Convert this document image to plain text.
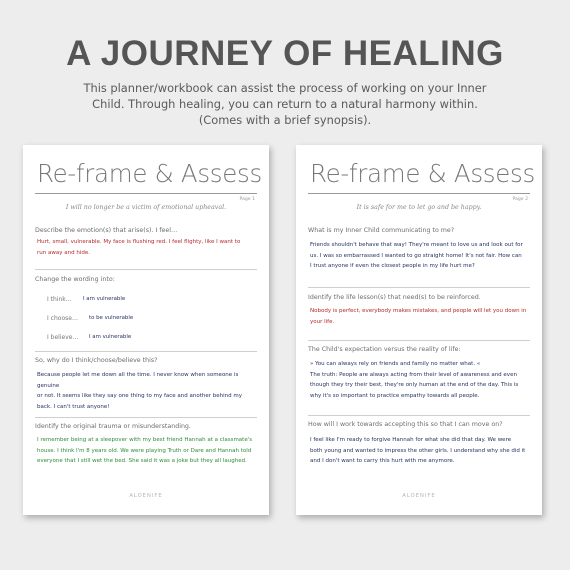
A JOURNEY OF HEALING
This planner/workbook can assist the process of working on your Inner
Child. Through healing, you can return to a natural harmony within.
(Comes with a brief synopsis).
Re-frame & Assess
Page 1
I will no longer be a victim of emotional upheaval.
Describe the emotion(s) that arise(s). I feel…
Hurt, small, vulnerable. My face is flushing red. I feel flighty, like I want to
run away and hide.
Change the wording into:
I think… I am vulnerable
I choose… to be vulnerable
I believe… I am vulnerable
So, why do I think/choose/believe this?
Because people let me down all the time. I never know when someone is genuine
or not. It seems like they say one thing to my face and another behind my
back. I can't trust anyone!
Identify the original trauma or misunderstanding.
I remember being at a sleepover with my best friend Hannah at a classmate's
house. I think I'm 8 years old. We were playing Truth or Dare and Hannah told
everyone that I still wet the bed. She said it was a joke but they all laughed.
ALOENIFE
Re-frame & Assess
Page 2
It is safe for me to let go and be happy.
What is my Inner Child communicating to me?
Friends shouldn't behave that way! They're meant to love us and look out for
us. I was so embarrassed I wanted to go straight home! It's not fair. How can
I trust anyone if even the closest people in my life hurt me?
Identify the life lesson(s) that need(s) to be reinforced.
Nobody is perfect, everybody makes mistakes, and people will let you down in
your life.
The Child's expectation versus the reality of life:
» You can always rely on friends and family no matter what. «
The truth: People are always acting from their level of awareness and even
though they try their best, they're only human at the end of the day. This is
why it's so important to practice empathy towards all people.
How will I work towards accepting this so that I can move on?
I feel like I'm ready to forgive Hannah for what she did that day. We were
both young and wanted to impress the other girls. I understand why she did it
and I don't want to carry this hurt with me anymore.
ALOENIFE
